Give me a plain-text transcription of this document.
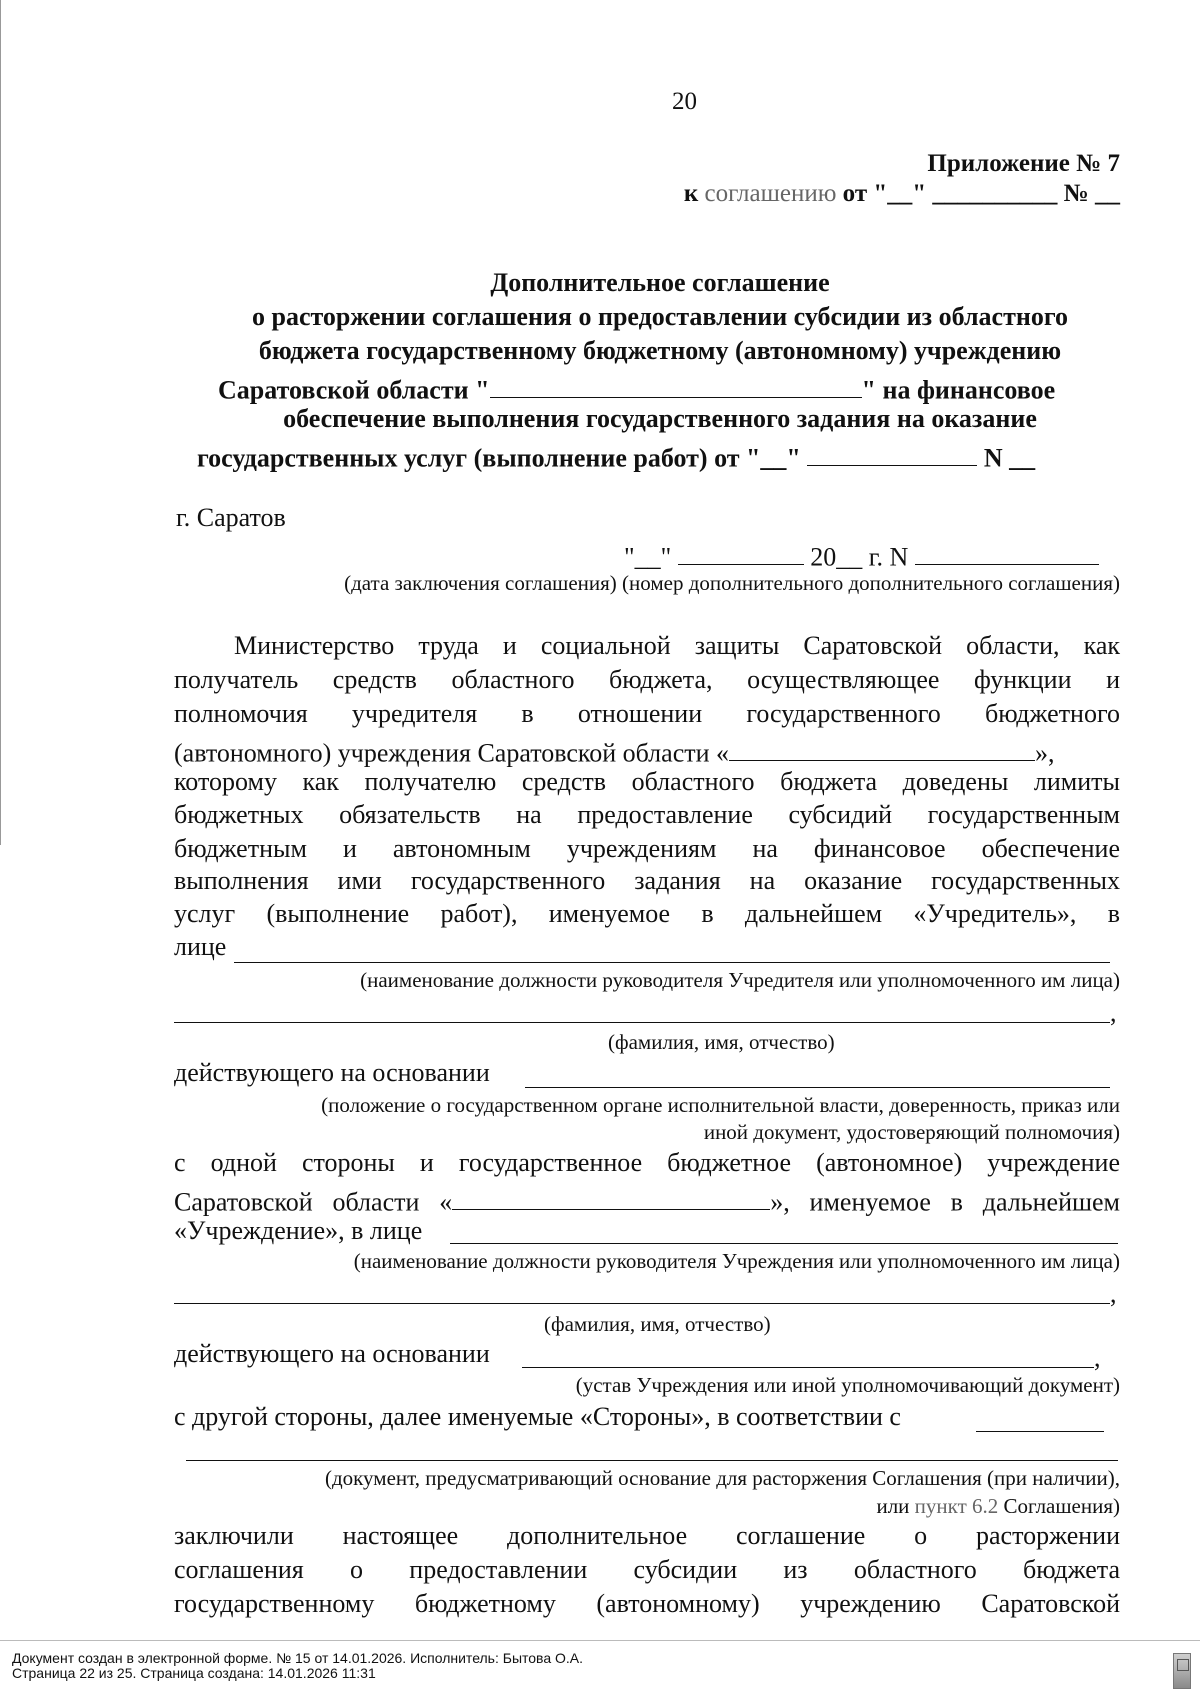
20
Приложение № 7
к соглашению от "__" __________ № __
Дополнительное соглашение
о расторжении соглашения о предоставлении субсидии из областного
бюджета государственному бюджетному (автономному) учреждению
Саратовской области "	" на финансовое
обеспечение выполнения государственного задания на оказание
государственных услуг (выполнение работ) от "__"	N __
г. Саратов
"__"	20__ г. N
(дата заключения соглашения) (номер дополнительного дополнительного соглашения)
Министерство труда и социальной защиты Саратовской области, как
получатель средств областного бюджета, осуществляющее функции и
полномочия учредителя в отношении государственного бюджетного
(автономного) учреждения Саратовской области «	»,
которому как получателю средств областного бюджета доведены лимиты
бюджетных обязательств на предоставление субсидий государственным
бюджетным и автономным учреждениям на финансовое обеспечение
выполнения ими государственного задания на оказание государственных
услуг (выполнение работ), именуемое в дальнейшем «Учредитель», в
лице
(наименование должности руководителя Учредителя или уполномоченного им лица)
,
(фамилия, имя, отчество)
действующего на основании
(положение о государственном органе исполнительной власти, доверенность, приказ или
иной документ, удостоверяющий полномочия)
с одной стороны и государственное бюджетное (автономное) учреждение
Саратовской области «	», именуемое в дальнейшем
«Учреждение», в лице
(наименование должности руководителя Учреждения или уполномоченного им лица)
,
(фамилия, имя, отчество)
действующего на основании	,
(устав Учреждения или иной уполномочивающий документ)
с другой стороны, далее именуемые «Стороны», в соответствии с
(документ, предусматривающий основание для расторжения Соглашения (при наличии),
или пункт 6.2 Соглашения)
заключили настоящее дополнительное соглашение о расторжении
соглашения о предоставлении субсидии из областного бюджета
государственному бюджетному (автономному) учреждению Саратовской
Документ создан в электронной форме. № 15 от 14.01.2026. Исполнитель: Бытова О.А.
Страница 22 из 25. Страница создана: 14.01.2026 11:31
